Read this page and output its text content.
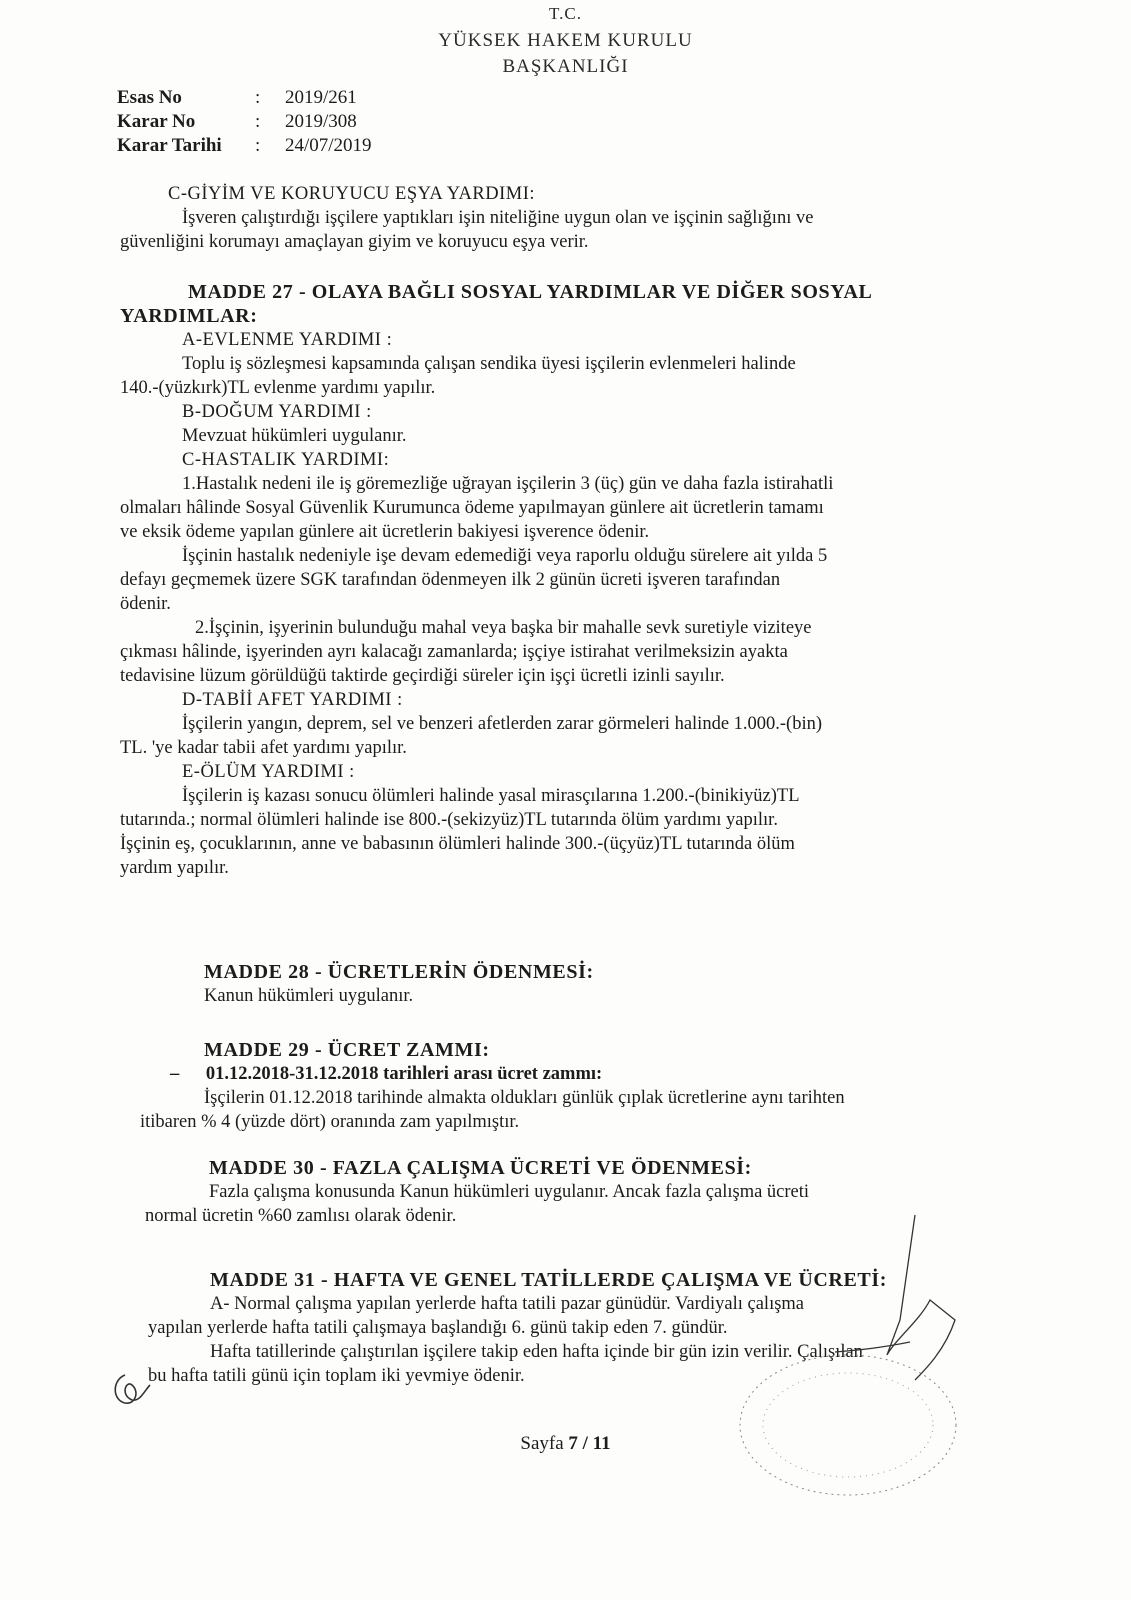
T.C.
YÜKSEK HAKEM KURULU
BAŞKANLIĞI
Esas No	:	2019/261
Karar No	:	2019/308
Karar Tarihi	:	24/07/2019

C-GİYİM VE KORUYUCU EŞYA YARDIMI:

İşveren çalıştırdığı işçilere yaptıkları işin niteliğine uygun olan ve işçinin sağlığını ve

güvenliğini korumayı amaçlayan giyim ve koruyucu eşya verir.

MADDE 27 - OLAYA BAĞLI SOSYAL YARDIMLAR VE DİĞER SOSYAL

YARDIMLAR:

A-EVLENME YARDIMI :

Toplu iş sözleşmesi kapsamında çalışan sendika üyesi işçilerin evlenmeleri halinde

140.-(yüzkırk)TL evlenme yardımı yapılır.

B-DOĞUM YARDIMI :

Mevzuat hükümleri uygulanır.

C-HASTALIK YARDIMI:

1.Hastalık nedeni ile iş göremezliğe uğrayan işçilerin 3 (üç) gün ve daha fazla istirahatli

olmaları hâlinde Sosyal Güvenlik Kurumunca ödeme yapılmayan günlere ait ücretlerin tamamı

ve eksik ödeme yapılan günlere ait ücretlerin bakiyesi işverence ödenir.

İşçinin hastalık nedeniyle işe devam edemediği veya raporlu olduğu sürelere ait yılda 5

defayı geçmemek üzere SGK tarafından ödenmeyen ilk 2 günün ücreti işveren tarafından

ödenir.

2.İşçinin, işyerinin bulunduğu mahal veya başka bir mahalle sevk suretiyle viziteye

çıkması hâlinde, işyerinden ayrı kalacağı zamanlarda; işçiye istirahat verilmeksizin ayakta

tedavisine lüzum görüldüğü taktirde geçirdiği süreler için işçi ücretli izinli sayılır.

D-TABİİ AFET YARDIMI :

İşçilerin yangın, deprem, sel ve benzeri afetlerden zarar görmeleri halinde 1.000.-(bin)

TL. 'ye kadar tabii afet yardımı yapılır.

E-ÖLÜM YARDIMI :

İşçilerin iş kazası sonucu ölümleri halinde yasal mirasçılarına 1.200.-(binikiyüz)TL

tutarında.; normal ölümleri halinde ise 800.-(sekizyüz)TL tutarında ölüm yardımı yapılır.

İşçinin eş, çocuklarının, anne ve babasının ölümleri halinde 300.-(üçyüz)TL tutarında ölüm

yardım yapılır.

MADDE 28 - ÜCRETLERİN ÖDENMESİ:

Kanun hükümleri uygulanır.

MADDE 29 - ÜCRET ZAMMI:

– 01.12.2018-31.12.2018 tarihleri arası ücret zammı:

İşçilerin 01.12.2018 tarihinde almakta oldukları günlük çıplak ücretlerine aynı tarihten

itibaren % 4 (yüzde dört) oranında zam yapılmıştır.

MADDE 30 - FAZLA ÇALIŞMA ÜCRETİ VE ÖDENMESİ:

Fazla çalışma konusunda Kanun hükümleri uygulanır. Ancak fazla çalışma ücreti

normal ücretin %60 zamlısı olarak ödenir.

MADDE 31 - HAFTA VE GENEL TATİLLERDE ÇALIŞMA VE ÜCRETİ:

A- Normal çalışma yapılan yerlerde hafta tatili pazar günüdür. Vardiyalı çalışma

yapılan yerlerde hafta tatili çalışmaya başlandığı 6. günü takip eden 7. gündür.

Hafta tatillerinde çalıştırılan işçilere takip eden hafta içinde bir gün izin verilir. Çalışılan

bu hafta tatili günü için toplam iki yevmiye ödenir.

Sayfa 7 / 11
